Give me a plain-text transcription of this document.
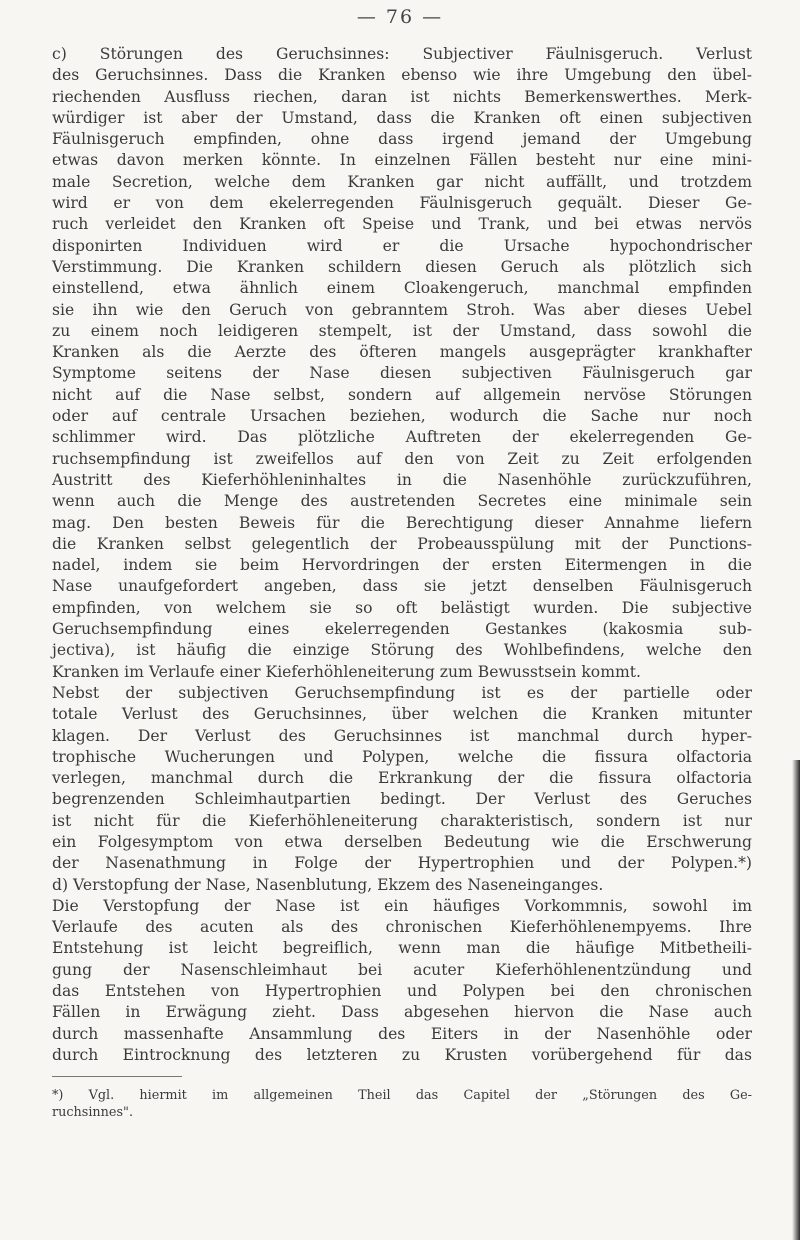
— 76 —
c) Störungen des Geruchsinnes: Subjectiver Fäulnisgeruch. Verlust
des Geruchsinnes. Dass die Kranken ebenso wie ihre Umgebung den übel-
riechenden Ausfluss riechen, daran ist nichts Bemerkenswerthes. Merk-
würdiger ist aber der Umstand, dass die Kranken oft einen subjectiven
Fäulnisgeruch empfinden, ohne dass irgend jemand der Umgebung
etwas davon merken könnte. In einzelnen Fällen besteht nur eine mini-
male Secretion, welche dem Kranken gar nicht auffällt, und trotzdem
wird er von dem ekelerregenden Fäulnisgeruch gequält. Dieser Ge-
ruch verleidet den Kranken oft Speise und Trank, und bei etwas nervös
disponirten Individuen wird er die Ursache hypochondrischer
Verstimmung. Die Kranken schildern diesen Geruch als plötzlich sich
einstellend, etwa ähnlich einem Cloakengeruch, manchmal empfinden
sie ihn wie den Geruch von gebranntem Stroh. Was aber dieses Uebel
zu einem noch leidigeren stempelt, ist der Umstand, dass sowohl die
Kranken als die Aerzte des öfteren mangels ausgeprägter krankhafter
Symptome seitens der Nase diesen subjectiven Fäulnisgeruch gar
nicht auf die Nase selbst, sondern auf allgemein nervöse Störungen
oder auf centrale Ursachen beziehen, wodurch die Sache nur noch
schlimmer wird. Das plötzliche Auftreten der ekelerregenden Ge-
ruchsempfindung ist zweifellos auf den von Zeit zu Zeit erfolgenden
Austritt des Kieferhöhleninhaltes in die Nasenhöhle zurückzuführen,
wenn auch die Menge des austretenden Secretes eine minimale sein
mag. Den besten Beweis für die Berechtigung dieser Annahme liefern
die Kranken selbst gelegentlich der Probeausspülung mit der Punctions-
nadel, indem sie beim Hervordringen der ersten Eitermengen in die
Nase unaufgefordert angeben, dass sie jetzt denselben Fäulnisgeruch
empfinden, von welchem sie so oft belästigt wurden. Die subjective
Geruchsempfindung eines ekelerregenden Gestankes (kakosmia sub-
jectiva), ist häufig die einzige Störung des Wohlbefindens, welche den
Kranken im Verlaufe einer Kieferhöhleneiterung zum Bewusstsein kommt.
Nebst der subjectiven Geruchsempfindung ist es der partielle oder
totale Verlust des Geruchsinnes, über welchen die Kranken mitunter
klagen. Der Verlust des Geruchsinnes ist manchmal durch hyper-
trophische Wucherungen und Polypen, welche die fissura olfactoria
verlegen, manchmal durch die Erkrankung der die fissura olfactoria
begrenzenden Schleimhautpartien bedingt. Der Verlust des Geruches
ist nicht für die Kieferhöhleneiterung charakteristisch, sondern ist nur
ein Folgesymptom von etwa derselben Bedeutung wie die Erschwerung
der Nasenathmung in Folge der Hypertrophien und der Polypen.*)
d) Verstopfung der Nase, Nasenblutung, Ekzem des Naseneinganges.
Die Verstopfung der Nase ist ein häufiges Vorkommnis, sowohl im
Verlaufe des acuten als des chronischen Kieferhöhlenempyems. Ihre
Entstehung ist leicht begreiflich, wenn man die häufige Mitbetheili-
gung der Nasenschleimhaut bei acuter Kieferhöhlenentzündung und
das Entstehen von Hypertrophien und Polypen bei den chronischen
Fällen in Erwägung zieht. Dass abgesehen hiervon die Nase auch
durch massenhafte Ansammlung des Eiters in der Nasenhöhle oder
durch Eintrocknung des letzteren zu Krusten vorübergehend für das
*) Vgl. hiermit im allgemeinen Theil das Capitel der „Störungen des Ge-
ruchsinnes".
